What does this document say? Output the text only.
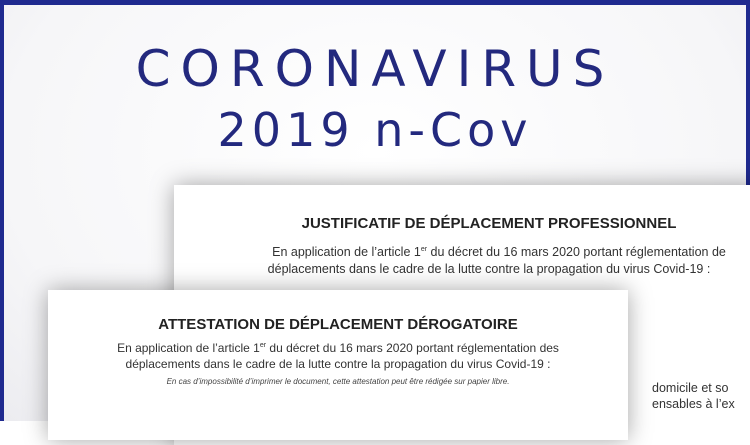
CORONAVIRUS
2019 n-Cov
JUSTIFICATIF DE DÉPLACEMENT PROFESSIONNEL
En application de l’article 1er du décret du 16 mars 2020 portant réglementation de
déplacements dans le cadre de la lutte contre la propagation du virus Covid-19 :
domicile et so
ensables à l’ex
ATTESTATION DE DÉPLACEMENT DÉROGATOIRE
En application de l’article 1er du décret du 16 mars 2020 portant réglementation des
déplacements dans le cadre de la lutte contre la propagation du virus Covid-19 :
En cas d’impossibilité d’imprimer le document, cette attestation peut être rédigée sur papier libre.
